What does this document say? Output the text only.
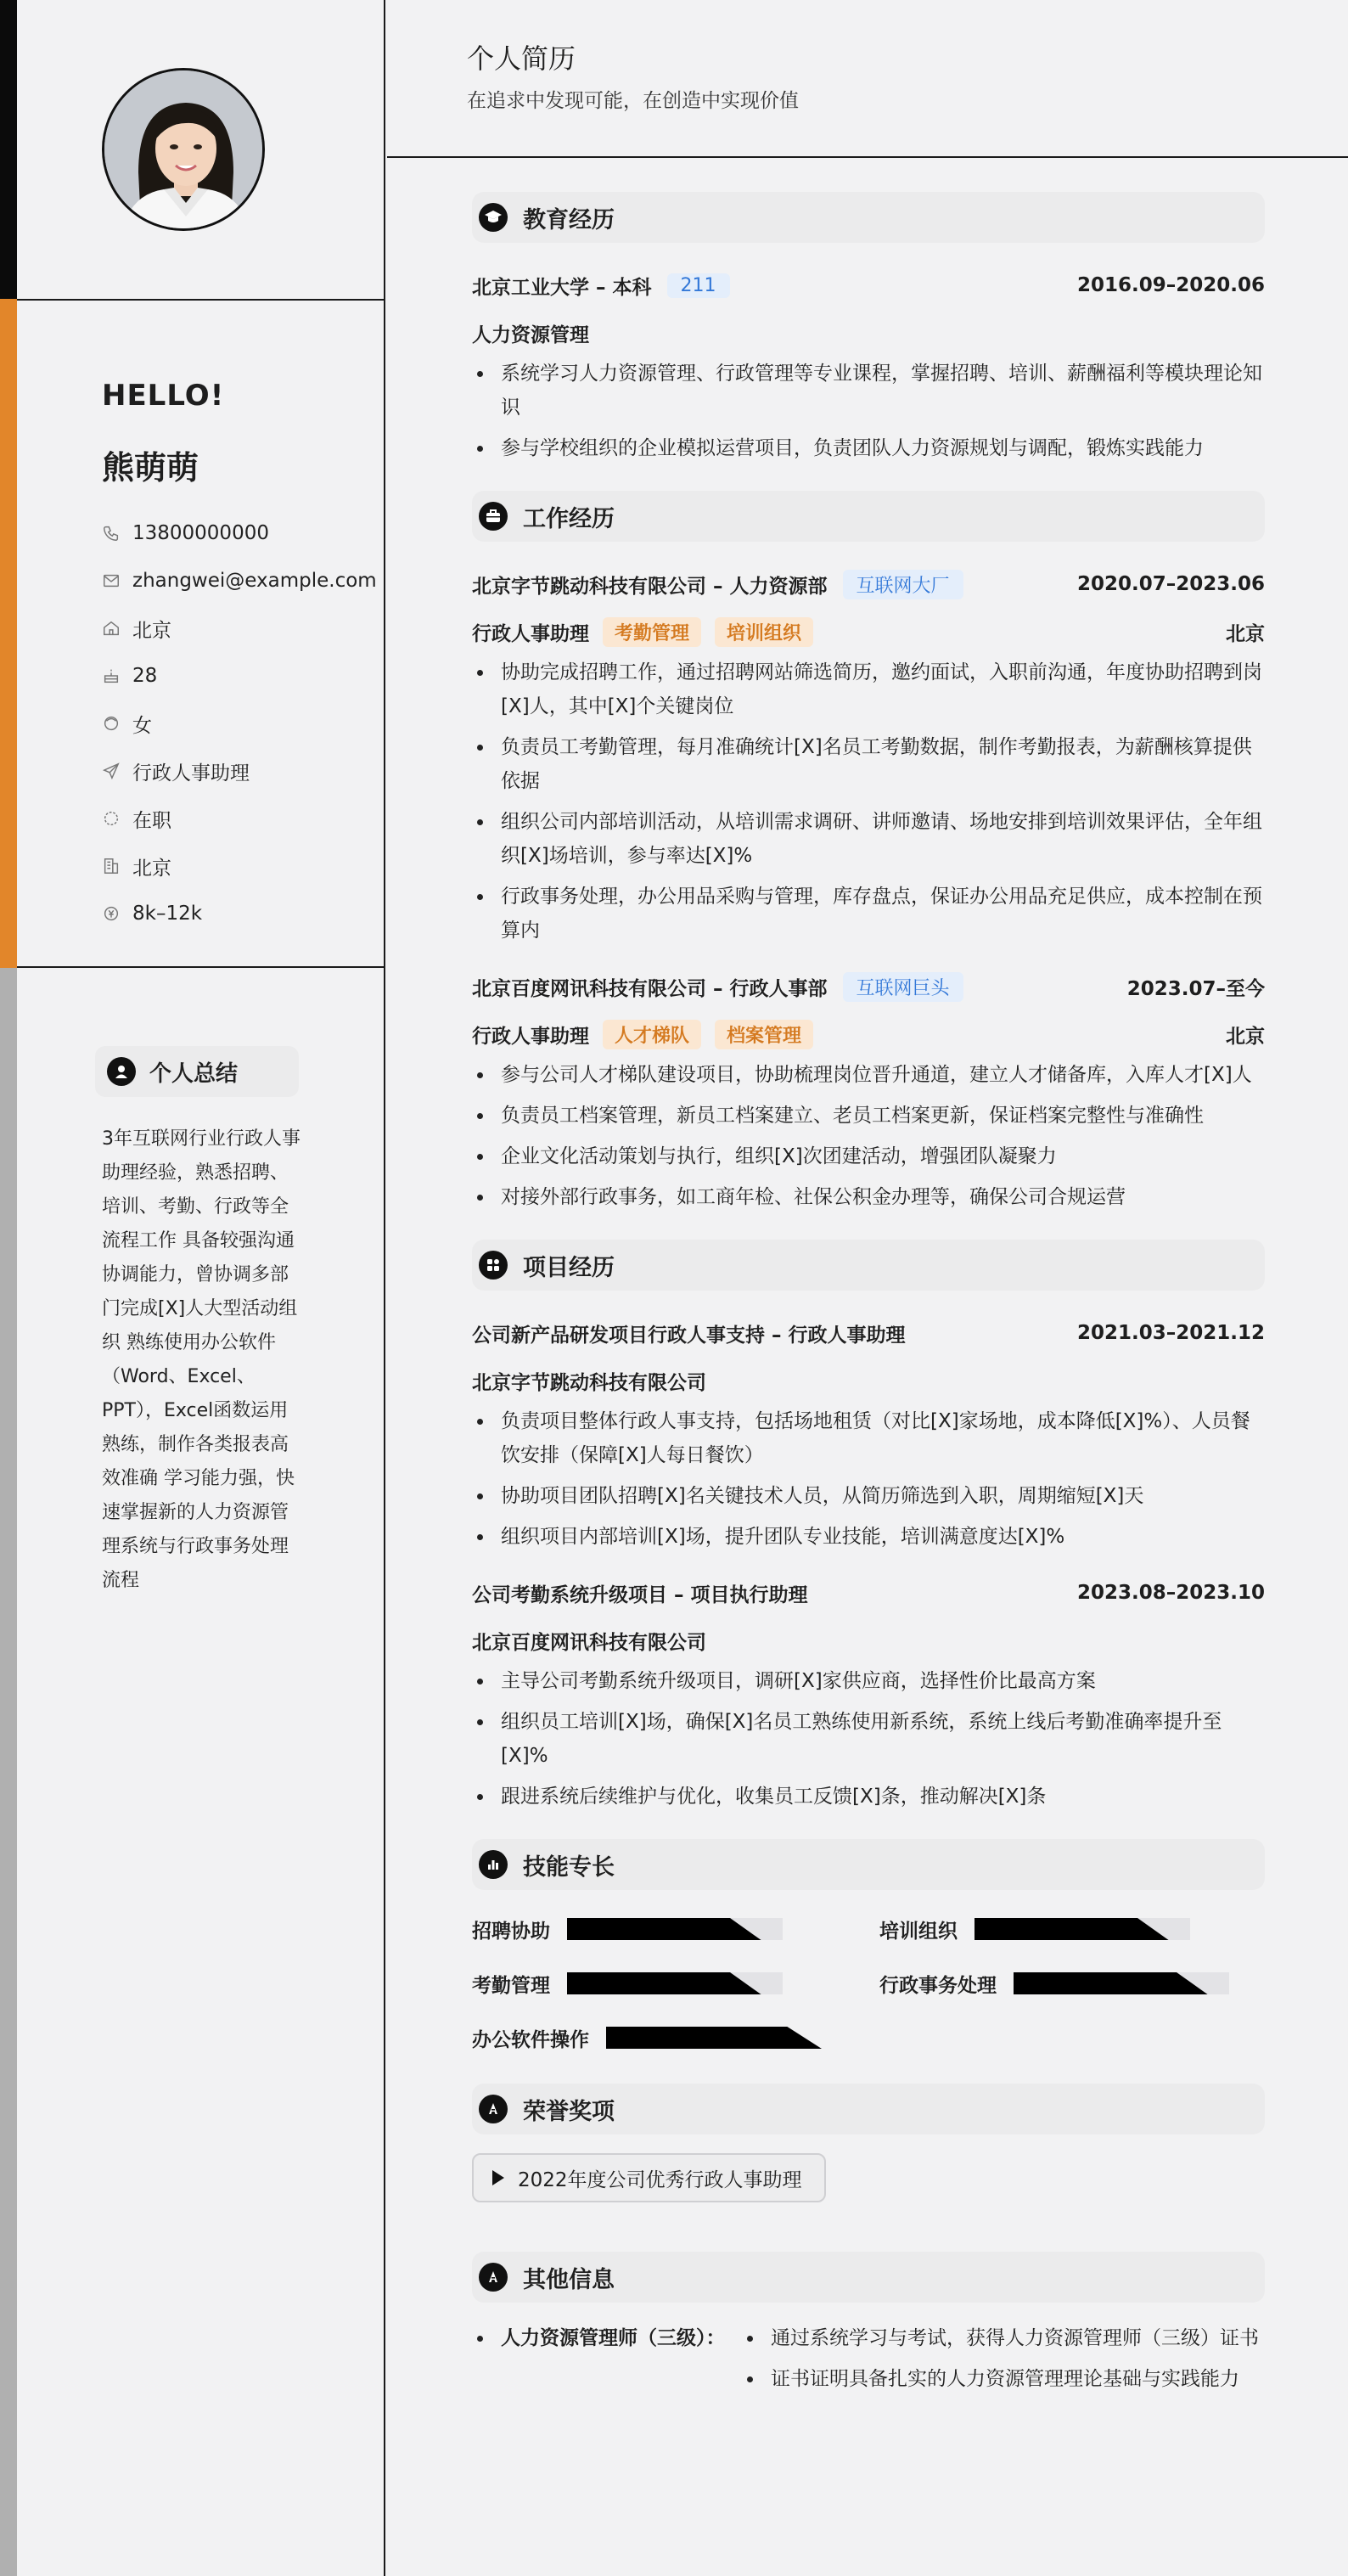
HELLO!
熊萌萌
13800000000
zhangwei@example.com
北京
28
女
行政人事助理
在职
北京
8k–12k
个人总结
3年互联网行业行政人事助理经验，熟悉招聘、培训、考勤、行政等全流程工作 具备较强沟通协调能力，曾协调多部门完成[X]人大型活动组织 熟练使用办公软件（Word、Excel、PPT），Excel函数运用熟练，制作各类报表高效准确 学习能力强，快速掌握新的人力资源管理系统与行政事务处理流程
个人简历
在追求中发现可能，在创造中实现价值
教育经历
北京工业大学 – 本科	211	2016.09–2020.06
人力资源管理
系统学习人力资源管理、行政管理等专业课程，掌握招聘、培训、薪酬福利等模块理论知识
参与学校组织的企业模拟运营项目，负责团队人力资源规划与调配，锻炼实践能力
工作经历
北京字节跳动科技有限公司 – 人力资源部	互联网大厂	2020.07–2023.06
行政人事助理	考勤管理	培训组织	北京
协助完成招聘工作，通过招聘网站筛选简历，邀约面试，入职前沟通，年度协助招聘到岗[X]人，其中[X]个关键岗位
负责员工考勤管理，每月准确统计[X]名员工考勤数据，制作考勤报表，为薪酬核算提供依据
组织公司内部培训活动，从培训需求调研、讲师邀请、场地安排到培训效果评估，全年组织[X]场培训，参与率达[X]%
行政事务处理，办公用品采购与管理，库存盘点，保证办公用品充足供应，成本控制在预算内
北京百度网讯科技有限公司 – 行政人事部	互联网巨头	2023.07–至今
行政人事助理	人才梯队	档案管理	北京
参与公司人才梯队建设项目，协助梳理岗位晋升通道，建立人才储备库，入库人才[X]人
负责员工档案管理，新员工档案建立、老员工档案更新，保证档案完整性与准确性
企业文化活动策划与执行，组织[X]次团建活动，增强团队凝聚力
对接外部行政事务，如工商年检、社保公积金办理等，确保公司合规运营
项目经历
公司新产品研发项目行政人事支持 – 行政人事助理	2021.03–2021.12
北京字节跳动科技有限公司
负责项目整体行政人事支持，包括场地租赁（对比[X]家场地，成本降低[X]%）、人员餐饮安排（保障[X]人每日餐饮）
协助项目团队招聘[X]名关键技术人员，从简历筛选到入职，周期缩短[X]天
组织项目内部培训[X]场，提升团队专业技能，培训满意度达[X]%
公司考勤系统升级项目 – 项目执行助理	2023.08–2023.10
北京百度网讯科技有限公司
主导公司考勤系统升级项目，调研[X]家供应商，选择性价比最高方案
组织员工培训[X]场，确保[X]名员工熟练使用新系统，系统上线后考勤准确率提升至[X]%
跟进系统后续维护与优化，收集员工反馈[X]条，推动解决[X]条
技能专长
招聘协助	培训组织
考勤管理	行政事务处理
办公软件操作
荣誉奖项
2022年度公司优秀行政人事助理
其他信息
人力资源管理师（三级）：	通过系统学习与考试，获得人力资源管理师（三级）证书
证书证明具备扎实的人力资源管理理论基础与实践能力
